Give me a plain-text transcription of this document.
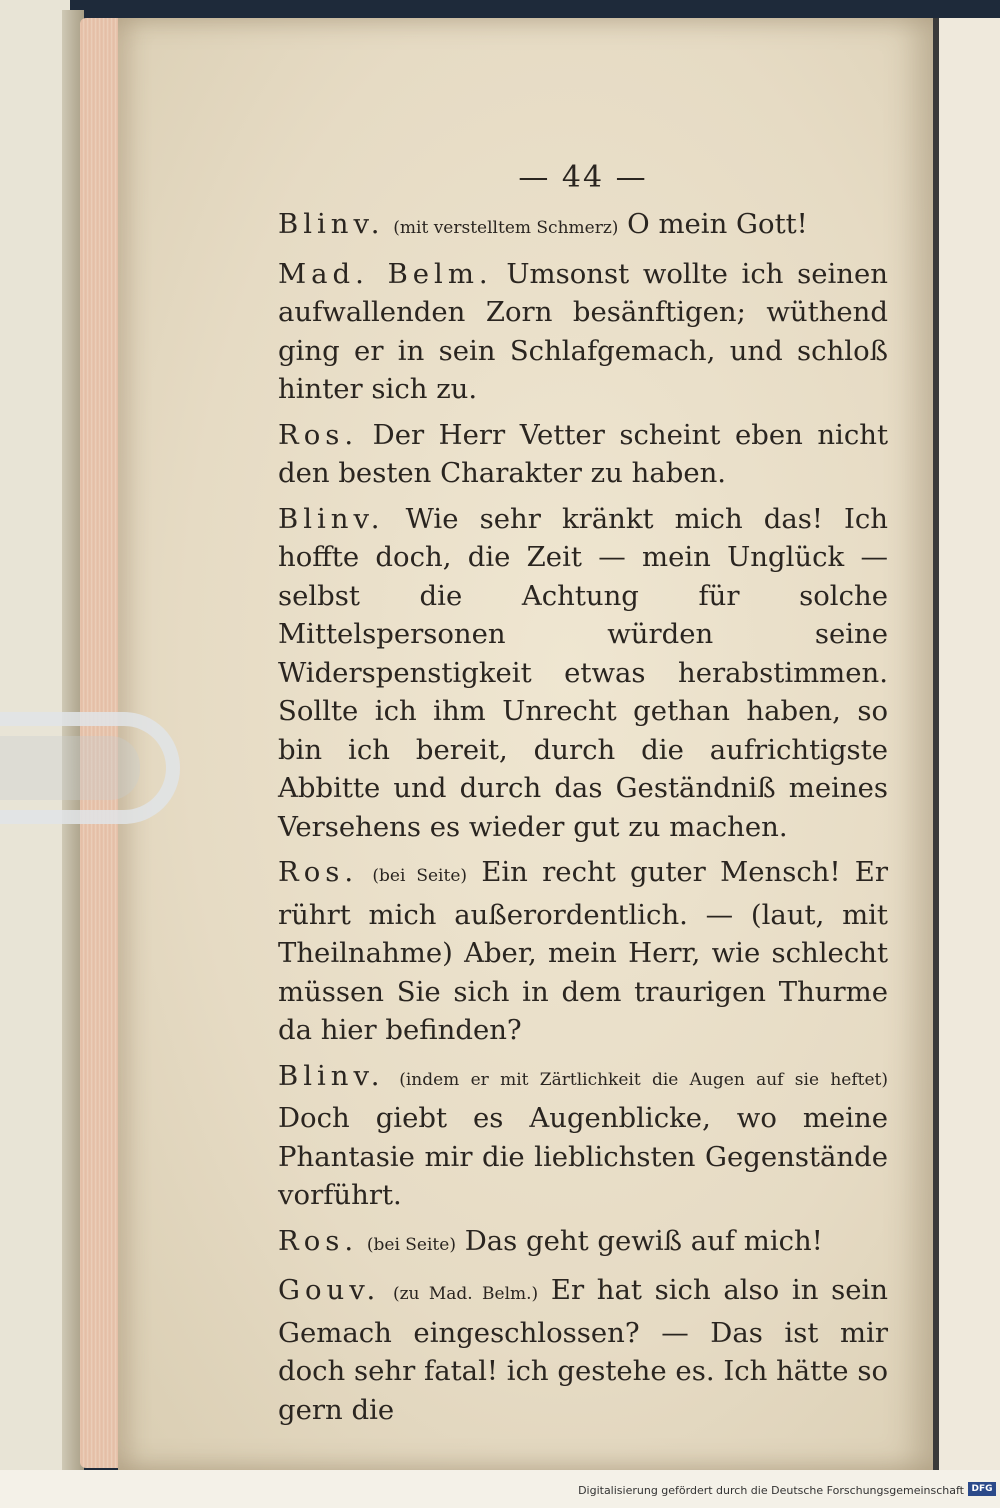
— 44 —

Blinv. (mit verstelltem Schmerz) O mein Gott!

Mad. Belm. Umsonst wollte ich seinen aufwallenden Zorn besänftigen; wüthend ging er in sein Schlafgemach, und schloß hinter sich zu.

Ros. Der Herr Vetter scheint eben nicht den besten Charakter zu haben.

Blinv. Wie sehr kränkt mich das! Ich hoffte doch, die Zeit — mein Unglück — selbst die Achtung für solche Mittelspersonen würden seine Widerspenstigkeit etwas herabstimmen. Sollte ich ihm Unrecht gethan haben, so bin ich bereit, durch die aufrichtigste Abbitte und durch das Geständniß meines Versehens es wieder gut zu machen.

Ros. (bei Seite) Ein recht guter Mensch! Er rührt mich außerordentlich. — (laut, mit Theilnahme) Aber, mein Herr, wie schlecht müssen Sie sich in dem traurigen Thurme da hier befinden?

Blinv. (indem er mit Zärtlichkeit die Augen auf sie heftet) Doch giebt es Augenblicke, wo meine Phantasie mir die lieblichsten Gegenstände vorführt.

Ros. (bei Seite) Das geht gewiß auf mich!

Gouv. (zu Mad. Belm.) Er hat sich also in sein Gemach eingeschlossen? — Das ist mir doch sehr fatal! ich gestehe es. Ich hätte so gern die

Digitalisierung gefördert durch die Deutsche Forschungsgemeinschaft DFG
